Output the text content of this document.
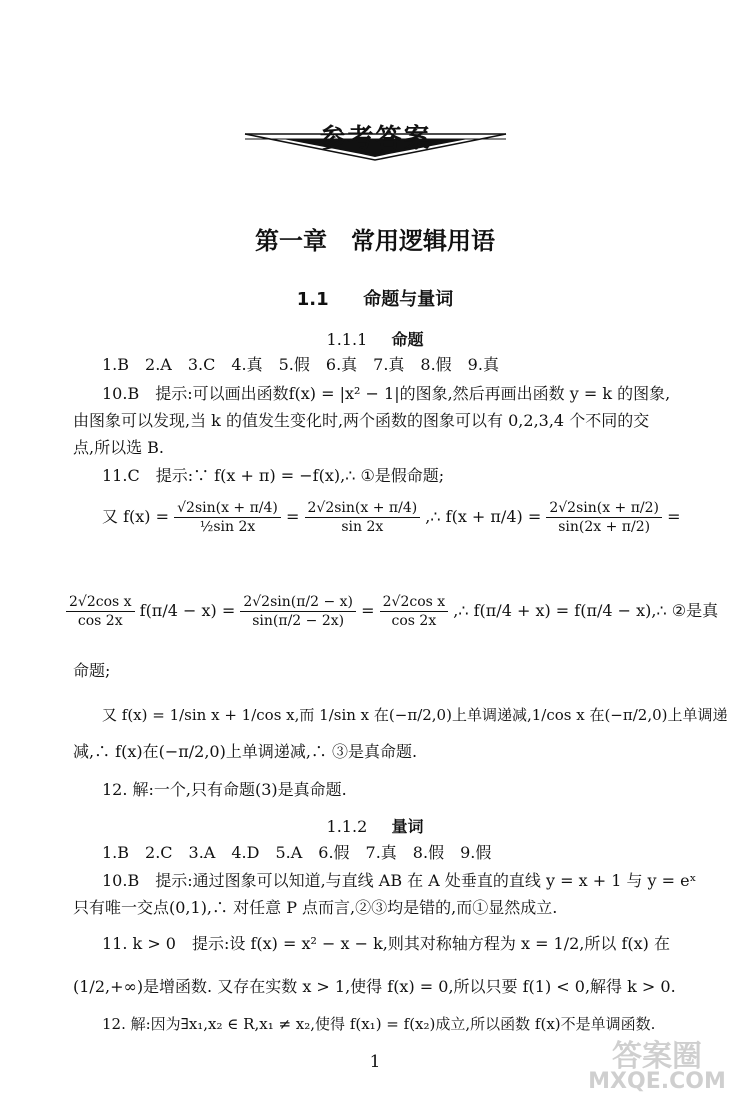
参考答案
第一章　常用逻辑用语
1.1 命题与量词
1.1.1 命题
1.B　2.A　3.C　4.真　5.假　6.真　7.真　8.假　9.真
10.B　提示:可以画出函数f(x) = |x² − 1|的图象,然后再画出函数 y = k 的图象,
由图象可以发现,当 k 的值发生变化时,两个函数的图象可以有 0,2,3,4 个不同的交
点,所以选 B.
11.C　提示:∵ f(x + π) = −f(x),∴ ①是假命题;
又 $f(x) = \frac{√2\sin(x + \pi/4)}{\text{½sin 2x}} = \frac{2√2\sin(x + \pi/4)}{\sin 2x}$ ,∴ $f(x + \pi/4) = \frac{2√2\sin(x + \pi/2)}{\sin(2x + \pi/2)}$ =
$\frac{\text{2√2cos x}}{\cos 2x} f(\pi/4 - x) = \frac{2√2\sin(\pi/2 - x)}{\sin(\pi/2 - 2x)} = \frac{\text{2√2cos x}}{\cos 2x}$ ,∴ f(π/4 + x) = f(π/4 − x),∴ ②是真
命题;
又 f(x) = 1/sin x + 1/cos x,而 1/sin x 在(−π/2,0)上单调递减,1/cos x 在(−π/2,0)上单调递
减,∴ f(x)在(−π/2,0)上单调递减,∴ ③是真命题.
12. 解:一个,只有命题(3)是真命题.
1.1.2 量词
1.B　2.C　3.A　4.D　5.A　6.假　7.真　8.假　9.假
10.B　提示:通过图象可以知道,与直线 AB 在 A 处垂直的直线 y = x + 1 与 y = eˣ
只有唯一交点(0,1),∴ 对任意 P 点而言,②③均是错的,而①显然成立.
11. k > 0　提示:设 f(x) = x² − x − k,则其对称轴方程为 x = 1/2,所以 f(x) 在
(1/2,+∞)是增函数. 又存在实数 x > 1,使得 f(x) = 0,所以只要 f(1) < 0,解得 k > 0.
12. 解:因为∃x₁,x₂ ∈ R,x₁ ≠ x₂,使得 f(x₁) = f(x₂)成立,所以函数 f(x)不是单调函数.
1	答案圈
MXQE.COM
